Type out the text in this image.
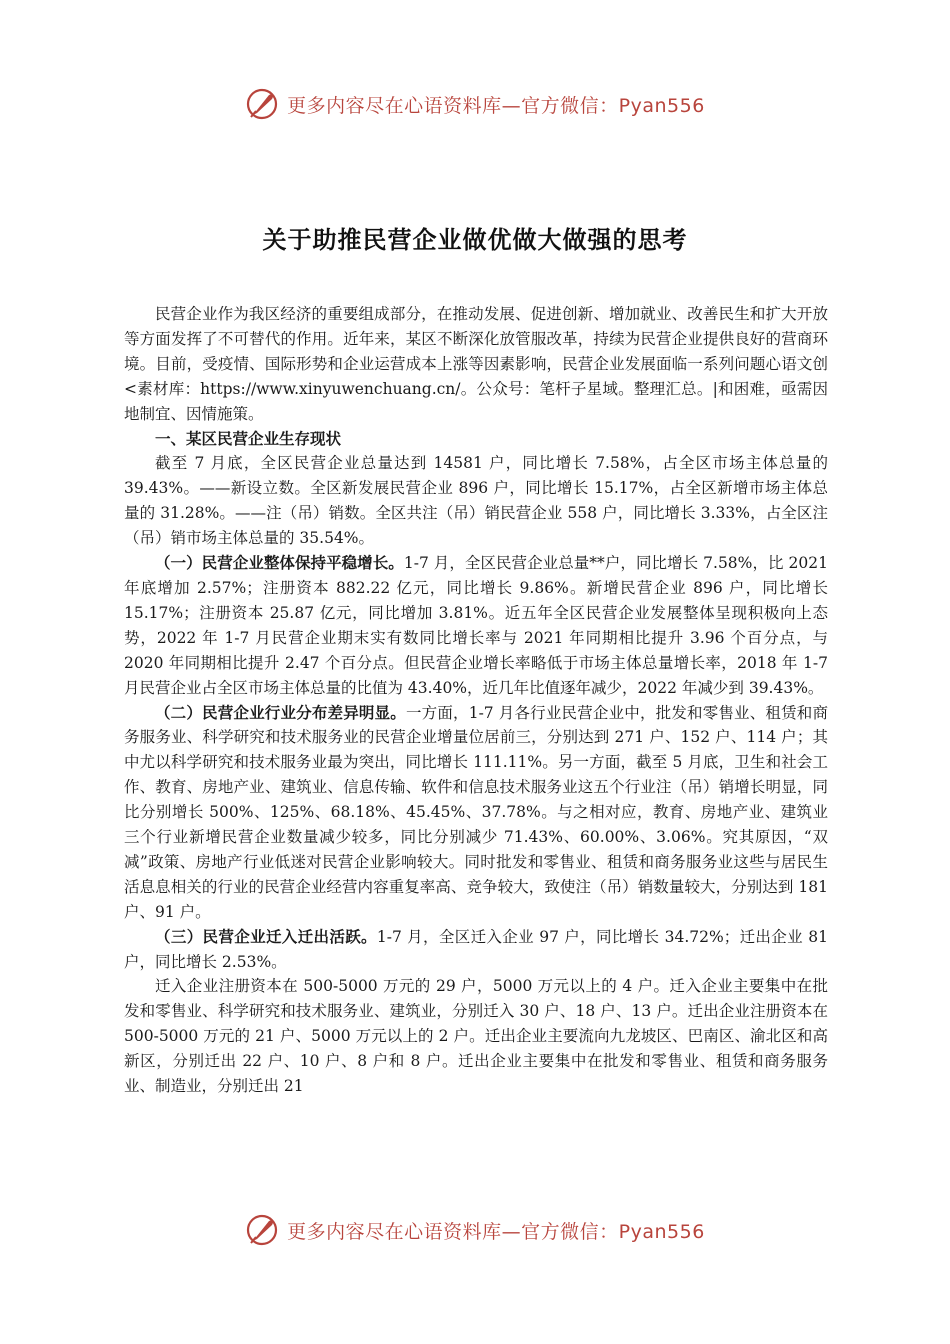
更多内容尽在心语资料库—官方微信：Pyan556
关于助推民营企业做优做大做强的思考

民营企业作为我区经济的重要组成部分，在推动发展、促进创新、增加就业、改善民生和扩大开放等方面发挥了不可替代的作用。近年来，某区不断深化放管服改革，持续为民营企业提供良好的营商环境。目前，受疫情、国际形势和企业运营成本上涨等因素影响，民营企业发展面临一系列问题心语文创<素材库：https://www.xinyuwenchuang.cn/。公众号：笔杆子星域。整理汇总。|和困难，亟需因地制宜、因情施策。

一、某区民营企业生存现状

截至 7 月底，全区民营企业总量达到 14581 户，同比增长 7.58%，占全区市场主体总量的 39.43%。——新设立数。全区新发展民营企业 896 户，同比增长 15.17%，占全区新增市场主体总量的 31.28%。——注（吊）销数。全区共注（吊）销民营企业 558 户，同比增长 3.33%，占全区注（吊）销市场主体总量的 35.54%。

（一）民营企业整体保持平稳增长。1-7 月，全区民营企业总量**户，同比增长 7.58%，比 2021 年底增加 2.57%；注册资本 882.22 亿元，同比增长 9.86%。新增民营企业 896 户，同比增长 15.17%；注册资本 25.87 亿元，同比增加 3.81%。近五年全区民营企业发展整体呈现积极向上态势，2022 年 1-7 月民营企业期末实有数同比增长率与 2021 年同期相比提升 3.96 个百分点，与 2020 年同期相比提升 2.47 个百分点。但民营企业增长率略低于市场主体总量增长率，2018 年 1-7 月民营企业占全区市场主体总量的比值为 43.40%，近几年比值逐年减少，2022 年减少到 39.43%。

（二）民营企业行业分布差异明显。一方面，1-7 月各行业民营企业中，批发和零售业、租赁和商务服务业、科学研究和技术服务业的民营企业增量位居前三，分别达到 271 户、152 户、114 户；其中尤以科学研究和技术服务业最为突出，同比增长 111.11%。另一方面，截至 5 月底，卫生和社会工作、教育、房地产业、建筑业、信息传输、软件和信息技术服务业这五个行业注（吊）销增长明显，同比分别增长 500%、125%、68.18%、45.45%、37.78%。与之相对应，教育、房地产业、建筑业三个行业新增民营企业数量减少较多，同比分别减少 71.43%、60.00%、3.06%。究其原因，“双减”政策、房地产行业低迷对民营企业影响较大。同时批发和零售业、租赁和商务服务业这些与居民生活息息相关的行业的民营企业经营内容重复率高、竞争较大，致使注（吊）销数量较大，分别达到 181 户、91 户。

（三）民营企业迁入迁出活跃。1-7 月，全区迁入企业 97 户，同比增长 34.72%；迁出企业 81 户，同比增长 2.53%。

迁入企业注册资本在 500-5000 万元的 29 户，5000 万元以上的 4 户。迁入企业主要集中在批发和零售业、科学研究和技术服务业、建筑业，分别迁入 30 户、18 户、13 户。迁出企业注册资本在 500-5000 万元的 21 户、5000 万元以上的 2 户。迁出企业主要流向九龙坡区、巴南区、渝北区和高新区，分别迁出 22 户、10 户、8 户和 8 户。迁出企业主要集中在批发和零售业、租赁和商务服务业、制造业，分别迁出 21

更多内容尽在心语资料库—官方微信：Pyan556
